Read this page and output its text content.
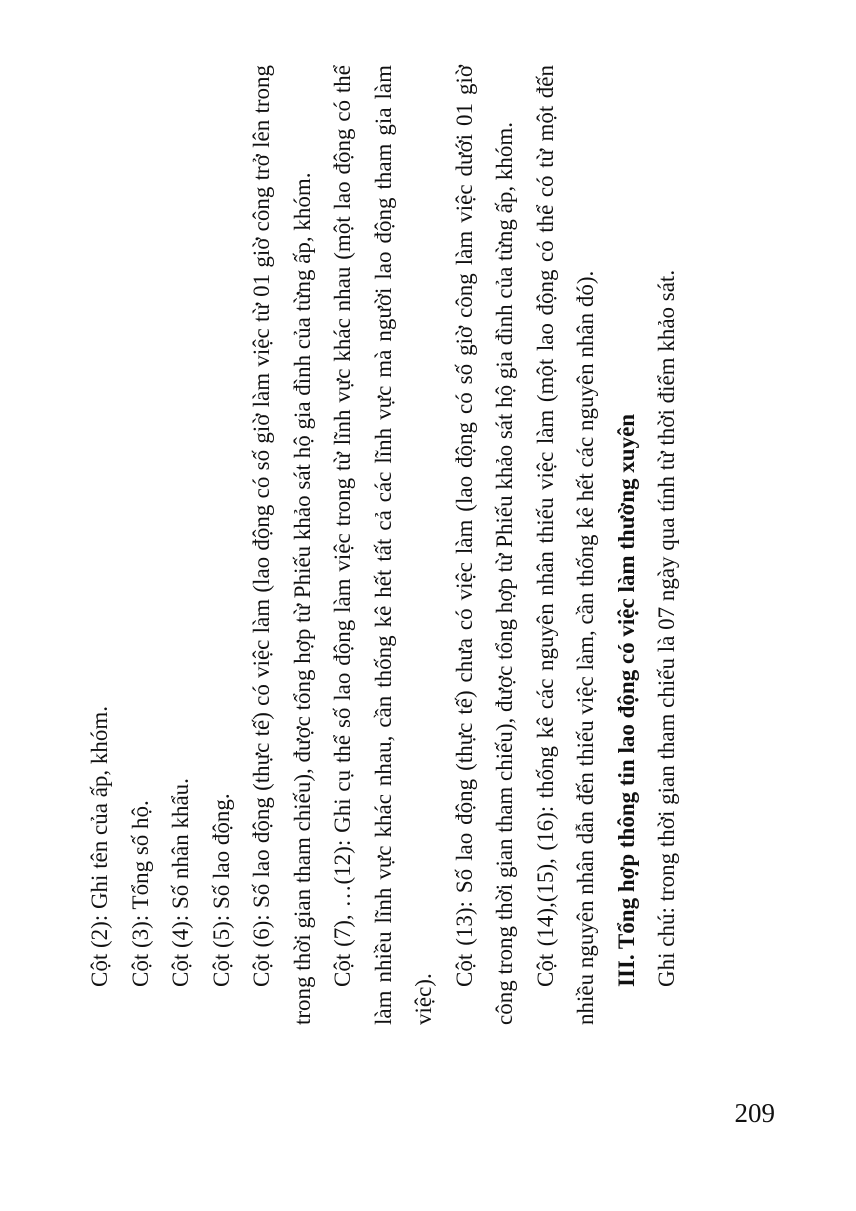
Cột (2): Ghi tên của ấp, khóm. Cột (3): Tổng số hộ. Cột (4): Số nhân khẩu. Cột (5): Số lao động. Cột (6): Số lao động (thực tế) có việc làm (lao động có số giờ làm việc từ 01 giờ công trở lên trong trong thời gian tham chiếu), được tổng hợp từ Phiếu khảo sát hộ gia đình của từng ấp, khóm. Cột (7), …(12): Ghi cụ thể số lao động làm việc trong từ lĩnh vực khác nhau (một lao động có thể làm nhiều lĩnh vực khác nhau, cần thống kê hết tất cả các lĩnh vực mà người lao động tham gia làm việc).

Cột (13): Số lao động (thực tế) chưa có việc làm (lao động có số giờ công làm việc dưới 01 giờ công trong thời gian tham chiếu), được tổng hợp từ Phiếu khảo sát hộ gia đình của từng ấp, khóm. Cột (14),(15), (16): thống kê các nguyên nhân thiếu việc làm (một lao động có thể có từ một đến nhiều nguyên nhân dẫn đến thiếu việc làm, cần thống kê hết các nguyên nhân đó). III. Tổng hợp thông tin lao động có việc làm thường xuyên Ghi chú: trong thời gian tham chiếu là 07 ngày qua tính từ thời điểm khảo sát.

209
